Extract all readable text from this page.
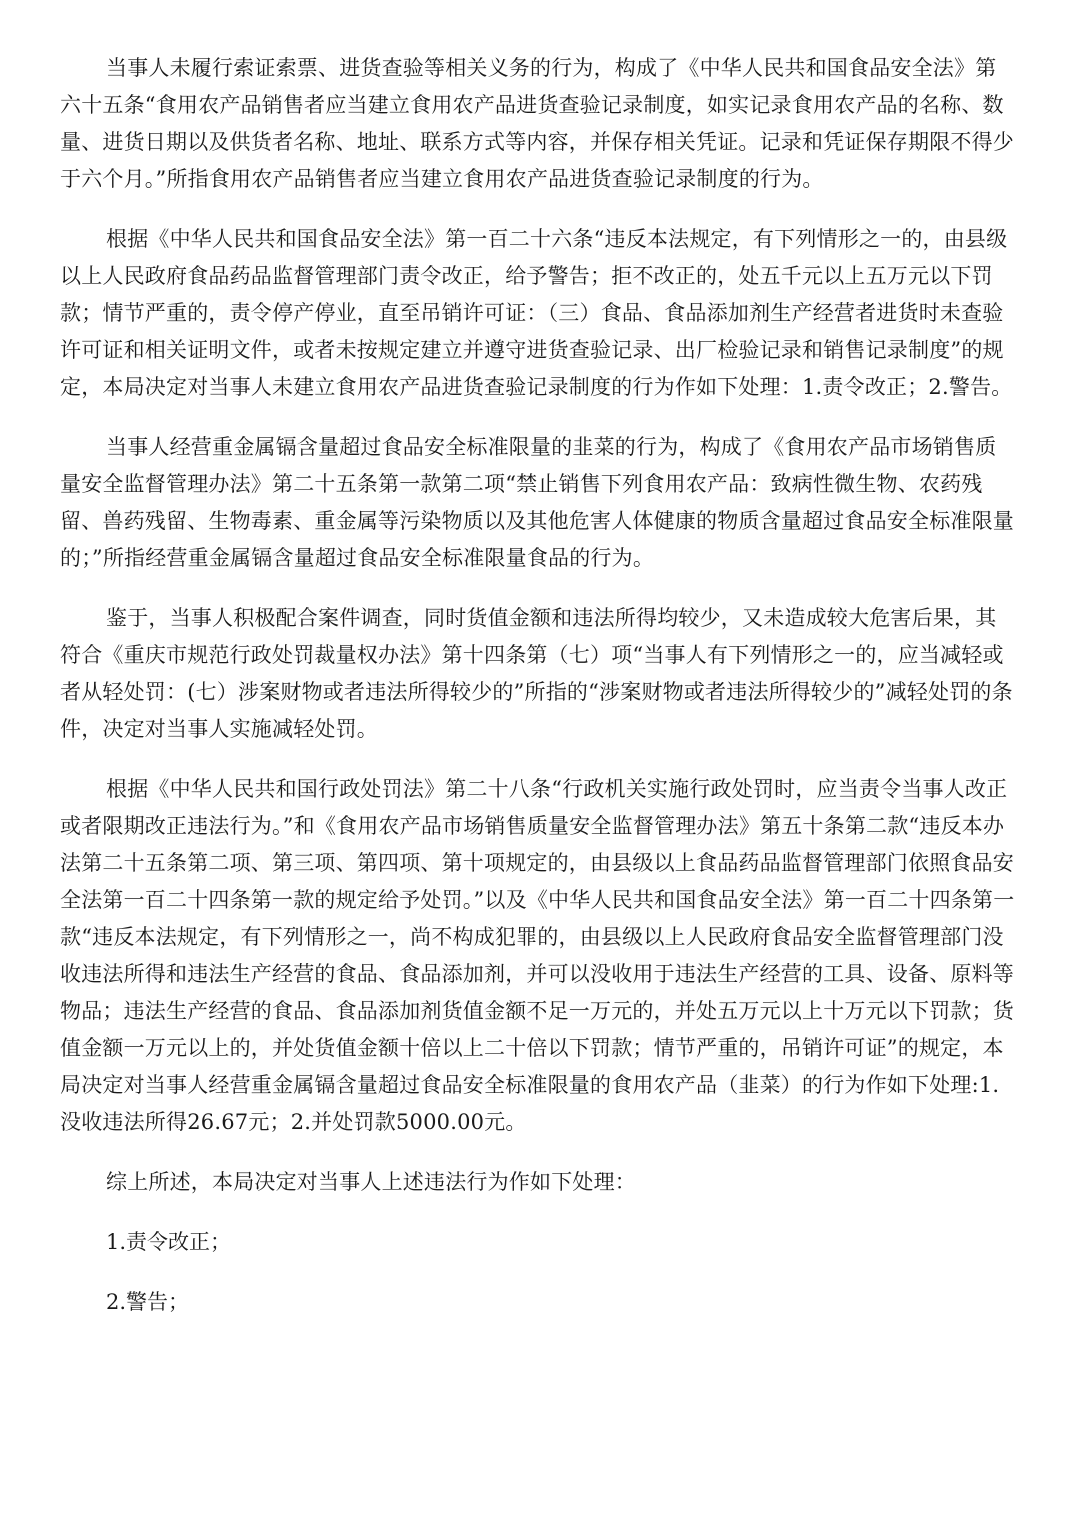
当事人未履行索证索票、进货查验等相关义务的行为，构成了《中华人民共和国食品安全法》第六十五条“食用农产品销售者应当建立食用农产品进货查验记录制度，如实记录食用农产品的名称、数量、进货日期以及供货者名称、地址、联系方式等内容，并保存相关凭证。记录和凭证保存期限不得少于六个月。”所指食用农产品销售者应当建立食用农产品进货查验记录制度的行为。

根据《中华人民共和国食品安全法》第一百二十六条“违反本法规定，有下列情形之一的，由县级以上人民政府食品药品监督管理部门责令改正，给予警告；拒不改正的，处五千元以上五万元以下罚款；情节严重的，责令停产停业，直至吊销许可证：（三）食品、食品添加剂生产经营者进货时未查验许可证和相关证明文件，或者未按规定建立并遵守进货查验记录、出厂检验记录和销售记录制度”的规定，本局决定对当事人未建立食用农产品进货查验记录制度的行为作如下处理：1.责令改正；2.警告。

当事人经营重金属镉含量超过食品安全标准限量的韭菜的行为，构成了《食用农产品市场销售质量安全监督管理办法》第二十五条第一款第二项“禁止销售下列食用农产品：致病性微生物、农药残留、兽药残留、生物毒素、重金属等污染物质以及其他危害人体健康的物质含量超过食品安全标准限量的；”所指经营重金属镉含量超过食品安全标准限量食品的行为。

鉴于，当事人积极配合案件调查，同时货值金额和违法所得均较少，又未造成较大危害后果，其符合《重庆市规范行政处罚裁量权办法》第十四条第（七）项“当事人有下列情形之一的，应当减轻或者从轻处罚：(七）涉案财物或者违法所得较少的”所指的“涉案财物或者违法所得较少的”减轻处罚的条件，决定对当事人实施减轻处罚。

根据《中华人民共和国行政处罚法》第二十八条“行政机关实施行政处罚时，应当责令当事人改正或者限期改正违法行为。”和《食用农产品市场销售质量安全监督管理办法》第五十条第二款“违反本办法第二十五条第二项、第三项、第四项、第十项规定的，由县级以上食品药品监督管理部门依照食品安全法第一百二十四条第一款的规定给予处罚。”以及《中华人民共和国食品安全法》第一百二十四条第一款“违反本法规定，有下列情形之一，尚不构成犯罪的，由县级以上人民政府食品安全监督管理部门没收违法所得和违法生产经营的食品、食品添加剂，并可以没收用于违法生产经营的工具、设备、原料等物品；违法生产经营的食品、食品添加剂货值金额不足一万元的，并处五万元以上十万元以下罚款；货值金额一万元以上的，并处货值金额十倍以上二十倍以下罚款；情节严重的，吊销许可证”的规定，本局决定对当事人经营重金属镉含量超过食品安全标准限量的食用农产品（韭菜）的行为作如下处理:1.没收违法所得26.67元；2.并处罚款5000.00元。

综上所述，本局决定对当事人上述违法行为作如下处理：

1.责令改正；

2.警告；
